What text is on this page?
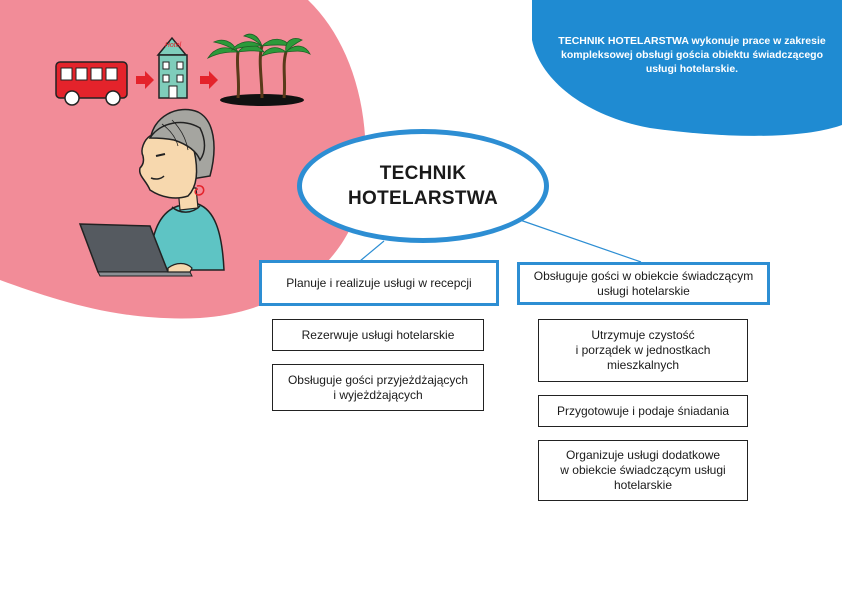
Hotel	TECHNIK HOTELARSTWA wykonuje prace w zakresie kompleksowej obsługi gościa obiektu świadczącego usługi hotelarskie.
TECHNIK
HOTELARSTWA
Planuje i realizuje usługi w recepcji	Obsługuje gości w obiekcie świadczącym
usługi hotelarskie
Rezerwuje usługi hotelarskie
Obsługuje gości przyjeżdżających
i wyjeżdżających
Utrzymuje czystość
i porządek w jednostkach
mieszkalnych
Przygotowuje i podaje śniadania
Organizuje usługi dodatkowe
w obiekcie świadczącym usługi
hotelarskie
